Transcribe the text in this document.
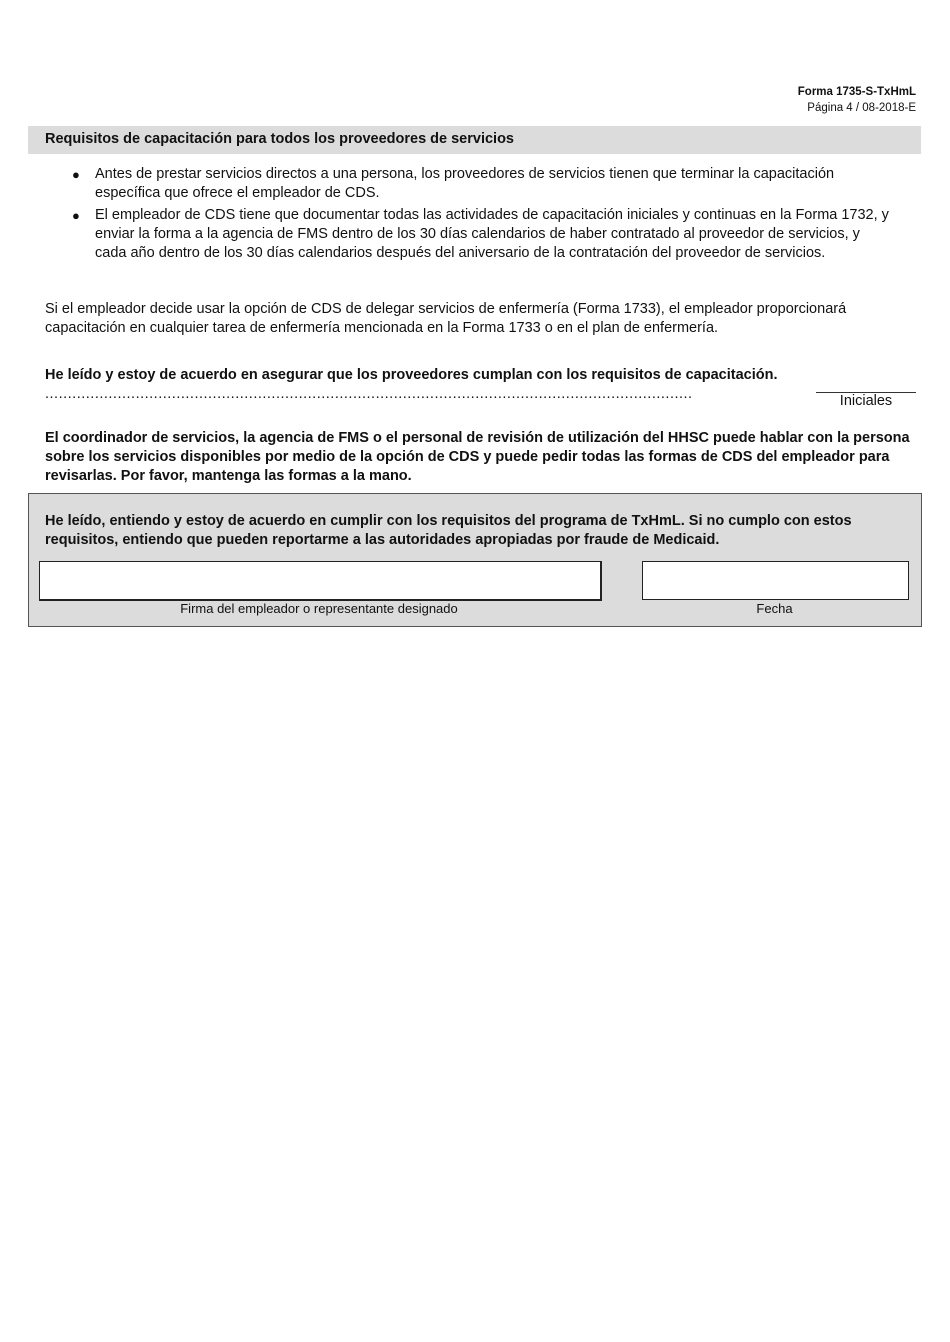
Forma 1735-S-TxHmL
Página 4 / 08-2018-E
Requisitos de capacitación para todos los proveedores de servicios
● Antes de prestar servicios directos a una persona, los proveedores de servicios tienen que terminar la capacitación específica que ofrece el empleador de CDS.
● El empleador de CDS tiene que documentar todas las actividades de capacitación iniciales y continuas en la Forma 1732, y enviar la forma a la agencia de FMS dentro de los 30 días calendarios de haber contratado al proveedor de servicios, y cada año dentro de los 30 días calendarios después del aniversario de la contratación del proveedor de servicios.
Si el empleador decide usar la opción de CDS de delegar servicios de enfermería (Forma 1733), el empleador proporcionará capacitación en cualquier tarea de enfermería mencionada en la Forma 1733 o en el plan de enfermería.
He leído y estoy de acuerdo en asegurar que los proveedores cumplan con los requisitos de capacitación. ...............................................................................................................................................	Iniciales
El coordinador de servicios, la agencia de FMS o el personal de revisión de utilización del HHSC puede hablar con la persona sobre los servicios disponibles por medio de la opción de CDS y puede pedir todas las formas de CDS del empleador para revisarlas. Por favor, mantenga las formas a la mano.
He leído, entiendo y estoy de acuerdo en cumplir con los requisitos del programa de TxHmL. Si no cumplo con estos requisitos, entiendo que pueden reportarme a las autoridades apropiadas por fraude de Medicaid.
Firma del empleador o representante designado	Fecha
